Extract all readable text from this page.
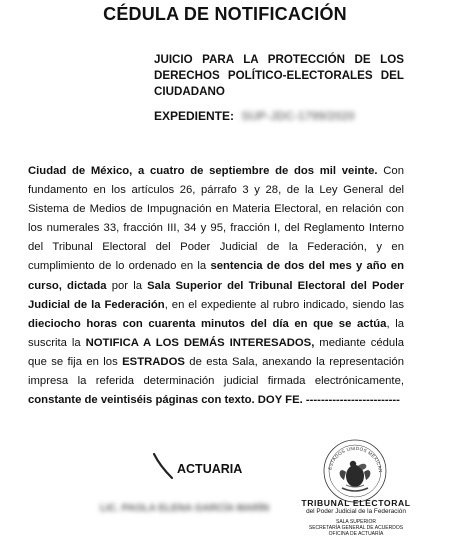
CÉDULA DE NOTIFICACIÓN
JUICIO PARA LA PROTECCIÓN DE LOS DERECHOS POLÍTICO-ELECTORALES DEL CIUDADANO
EXPEDIENTE: SUP-JDC-1799/2020
Ciudad de México, a cuatro de septiembre de dos mil veinte. Con fundamento en los artículos 26, párrafo 3 y 28, de la Ley General del Sistema de Medios de Impugnación en Materia Electoral, en relación con los numerales 33, fracción III, 34 y 95, fracción I, del Reglamento Interno del Tribunal Electoral del Poder Judicial de la Federación, y en cumplimiento de lo ordenado en la sentencia de dos del mes y año en curso, dictada por la Sala Superior del Tribunal Electoral del Poder Judicial de la Federación, en el expediente al rubro indicado, siendo las dieciocho horas con cuarenta minutos del día en que se actúa, la suscrita la NOTIFICA A LOS DEMÁS INTERESADOS, mediante cédula que se fija en los ESTRADOS de esta Sala, anexando la representación impresa la referida determinación judicial firmada electrónicamente, constante de veintiséis páginas con texto. DOY FE. -------------------------
ACTUARIA
LIC. PAOLA ELENA GARCÍA MARÍN
ESTADOS UNIDOS MEXICAN
TRIBUNAL ELECTORAL
del Poder Judicial de la Federación
SALA SUPERIOR
SECRETARÍA GENERAL DE ACUERDOS
OFICINA DE ACTUARÍA
